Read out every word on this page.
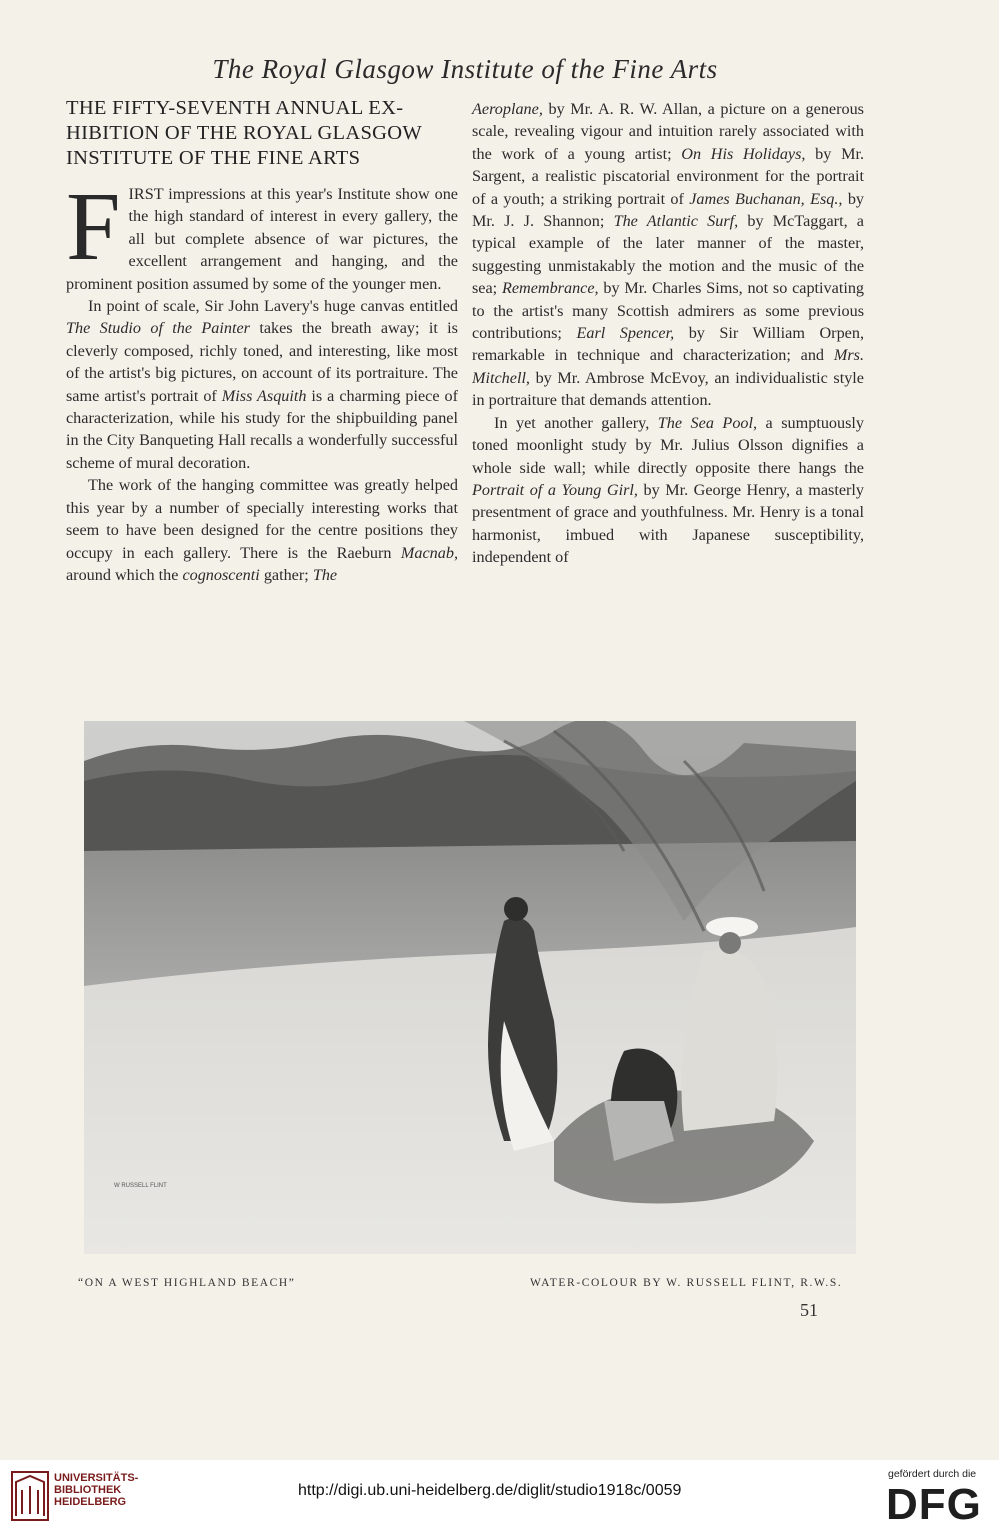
The Royal Glasgow Institute of the Fine Arts
THE FIFTY-SEVENTH ANNUAL EX-HIBITION OF THE ROYAL GLASGOW INSTITUTE OF THE FINE ARTS

FIRST impressions at this year's Institute show one the high standard of interest in every gallery, the all but complete absence of war pictures, the excellent arrangement and hanging, and the prominent position assumed by some of the younger men.

In point of scale, Sir John Lavery's huge canvas entitled The Studio of the Painter takes the breath away; it is cleverly composed, richly toned, and interesting, like most of the artist's big pictures, on account of its portraiture. The same artist's portrait of Miss Asquith is a charming piece of characterization, while his study for the shipbuilding panel in the City Banqueting Hall recalls a wonderfully successful scheme of mural decoration.

The work of the hanging committee was greatly helped this year by a number of specially interesting works that seem to have been designed for the centre positions they occupy in each gallery. There is the Raeburn Macnab, around which the cognoscenti gather; The

Aeroplane, by Mr. A. R. W. Allan, a picture on a generous scale, revealing vigour and intuition rarely associated with the work of a young artist; On His Holidays, by Mr. Sargent, a realistic piscatorial environment for the portrait of a youth; a striking portrait of James Buchanan, Esq., by Mr. J. J. Shannon; The Atlantic Surf, by McTaggart, a typical example of the later manner of the master, suggesting unmistakably the motion and the music of the sea; Remembrance, by Mr. Charles Sims, not so captivating to the artist's many Scottish admirers as some previous contributions; Earl Spencer, by Sir William Orpen, remarkable in technique and characterization; and Mrs. Mitchell, by Mr. Ambrose McEvoy, an individualistic style in portraiture that demands attention.

In yet another gallery, The Sea Pool, a sumptuously toned moonlight study by Mr. Julius Olsson dignifies a whole side wall; while directly opposite there hangs the Portrait of a Young Girl, by Mr. George Henry, a masterly presentment of grace and youthfulness. Mr. Henry is a tonal harmonist, imbued with Japanese susceptibility, independent of

W RUSSELL FLINT
“ON A WEST HIGHLAND BEACH”	WATER-COLOUR BY W. RUSSELL FLINT, R.W.S.
51
UNIVERSITÄTS-
BIBLIOTHEK
HEIDELBERG
http://digi.ub.uni-heidelberg.de/diglit/studio1918c/0059
gefördert durch die
DFG
